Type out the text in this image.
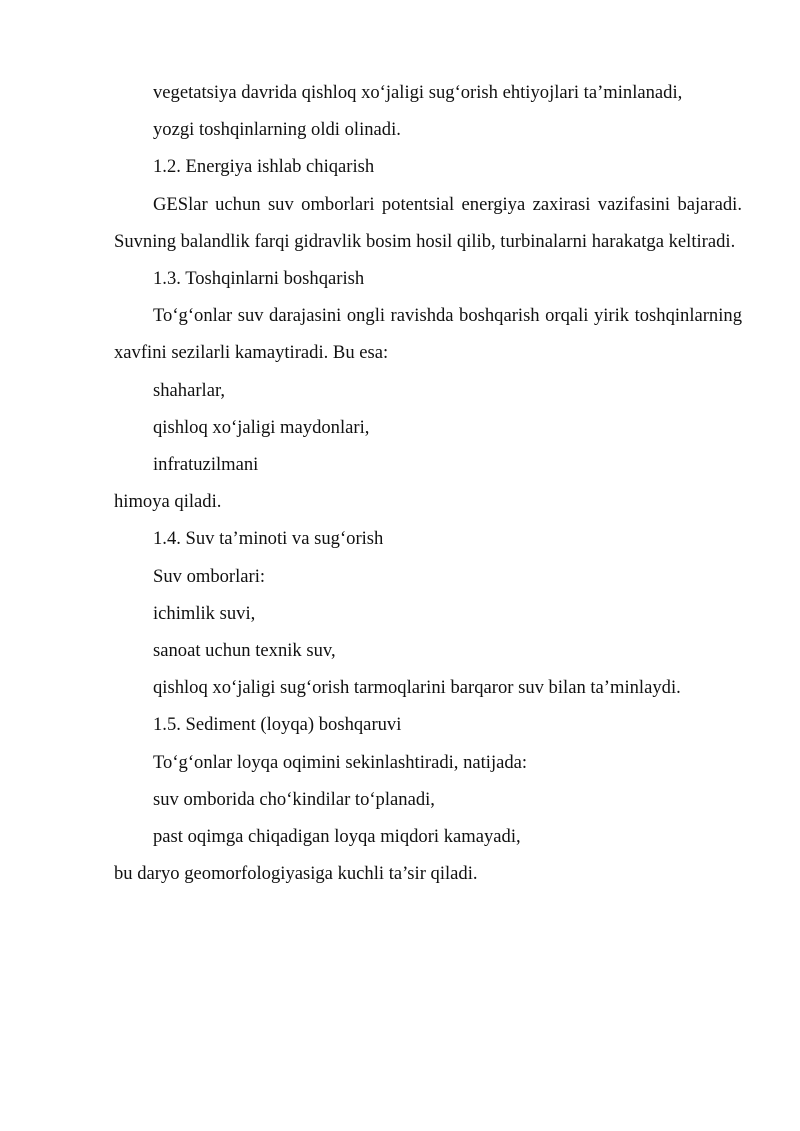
vegetatsiya davrida qishloq xo‘jaligi sug‘orish ehtiyojlari ta’minlanadi,

yozgi toshqinlarning oldi olinadi.

1.2. Energiya ishlab chiqarish

GESlar uchun suv omborlari potentsial energiya zaxirasi vazifasini bajaradi. Suvning balandlik farqi gidravlik bosim hosil qilib, turbinalarni harakatga keltiradi.

1.3. Toshqinlarni boshqarish

To‘g‘onlar suv darajasini ongli ravishda boshqarish orqali yirik toshqinlarning xavfini sezilarli kamaytiradi. Bu esa:

shaharlar,

qishloq xo‘jaligi maydonlari,

infratuzilmani

himoya qiladi.

1.4. Suv ta’minoti va sug‘orish

Suv omborlari:

ichimlik suvi,

sanoat uchun texnik suv,

qishloq xo‘jaligi sug‘orish tarmoqlarini barqaror suv bilan ta’minlaydi.

1.5. Sediment (loyqa) boshqaruvi

To‘g‘onlar loyqa oqimini sekinlashtiradi, natijada:

suv omborida cho‘kindilar to‘planadi,

past oqimga chiqadigan loyqa miqdori kamayadi,

bu daryo geomorfologiyasiga kuchli ta’sir qiladi.
